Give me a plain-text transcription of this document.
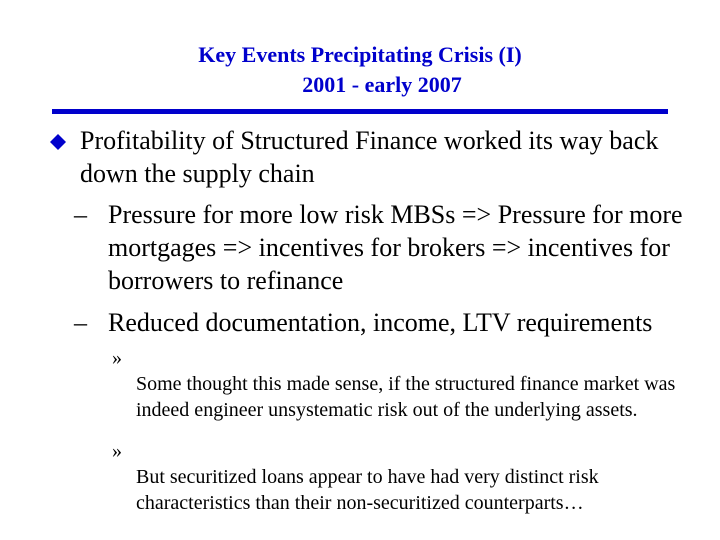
Key Events Precipitating Crisis (I)
2001 - early 2007
Profitability of Structured Finance worked its way back down the supply chain
– Pressure for more low risk MBSs => Pressure for more mortgages => incentives for brokers => incentives for borrowers to refinance
– Reduced documentation, income, LTV requirements
»
Some thought this made sense, if the structured finance market was indeed engineer unsystematic risk out of the underlying assets.
»
But securitized loans appear to have had very distinct risk characteristics than their non-securitized counterparts…
